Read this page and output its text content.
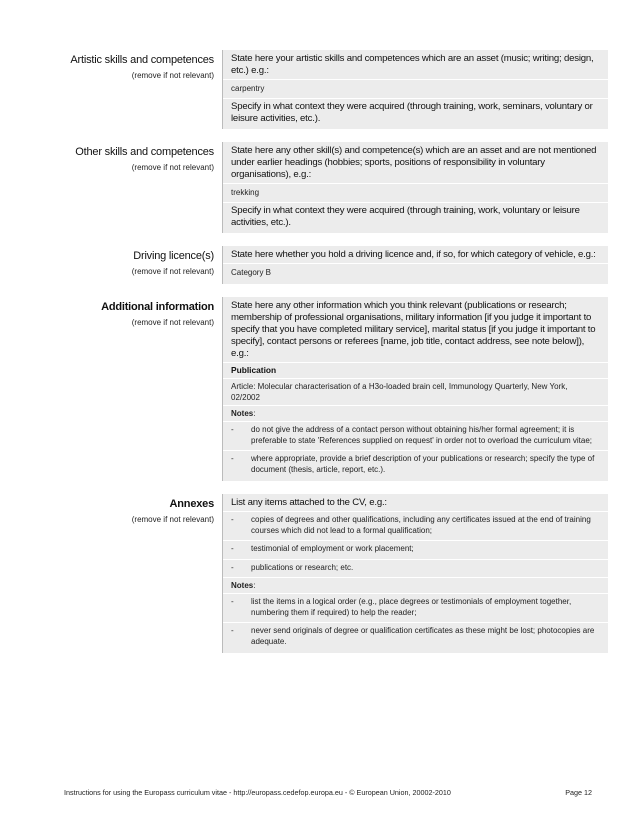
Artistic skills and competences
(remove if not relevant)
State here your artistic skills and competences which are an asset (music; writing; design, etc.) e.g.:
carpentry
Specify in what context they were acquired (through training, work, seminars, voluntary or leisure activities, etc.).
Other skills and competences
(remove if not relevant)
State here any other skill(s) and competence(s) which are an asset and are not mentioned under earlier headings (hobbies; sports, positions of responsibility in voluntary organisations), e.g.:
trekking
Specify in what context they were acquired (through training, work, voluntary or leisure activities, etc.).
Driving licence(s)
(remove if not relevant)
State here whether you hold a driving licence and, if so, for which category of vehicle, e.g.:
Category B
Additional information
(remove if not relevant)
State here any other information which you think relevant (publications or research; membership of professional organisations, military information [if you judge it important to specify that you have completed military service], marital status [if you judge it important to specify], contact persons or referees [name, job title, contact address, see note below]), e.g.:
Publication
Article: Molecular characterisation of a H3o-loaded brain cell, Immunology Quarterly, New York, 02/2002
Notes:
-	do not give the address of a contact person without obtaining his/her formal agreement; it is preferable to state 'References supplied on request' in order not to overload the curriculum vitae;
-	where appropriate, provide a brief description of your publications or research; specify the type of document (thesis, article, report, etc.).
Annexes
(remove if not relevant)
List any items attached to the CV, e.g.:
-	copies of degrees and other qualifications, including any certificates issued at the end of training courses which did not lead to a formal qualification;
-	testimonial of employment or work placement;
-	publications or research; etc.
Notes:
-	list the items in a logical order (e.g., place degrees or testimonials of employment together, numbering them if required) to help the reader;
-	never send originals of degree or qualification certificates as these might be lost; photocopies are adequate.
Instructions for using the Europass curriculum vitae - http://europass.cedefop.europa.eu - © European Union, 20002-2010	Page 12
